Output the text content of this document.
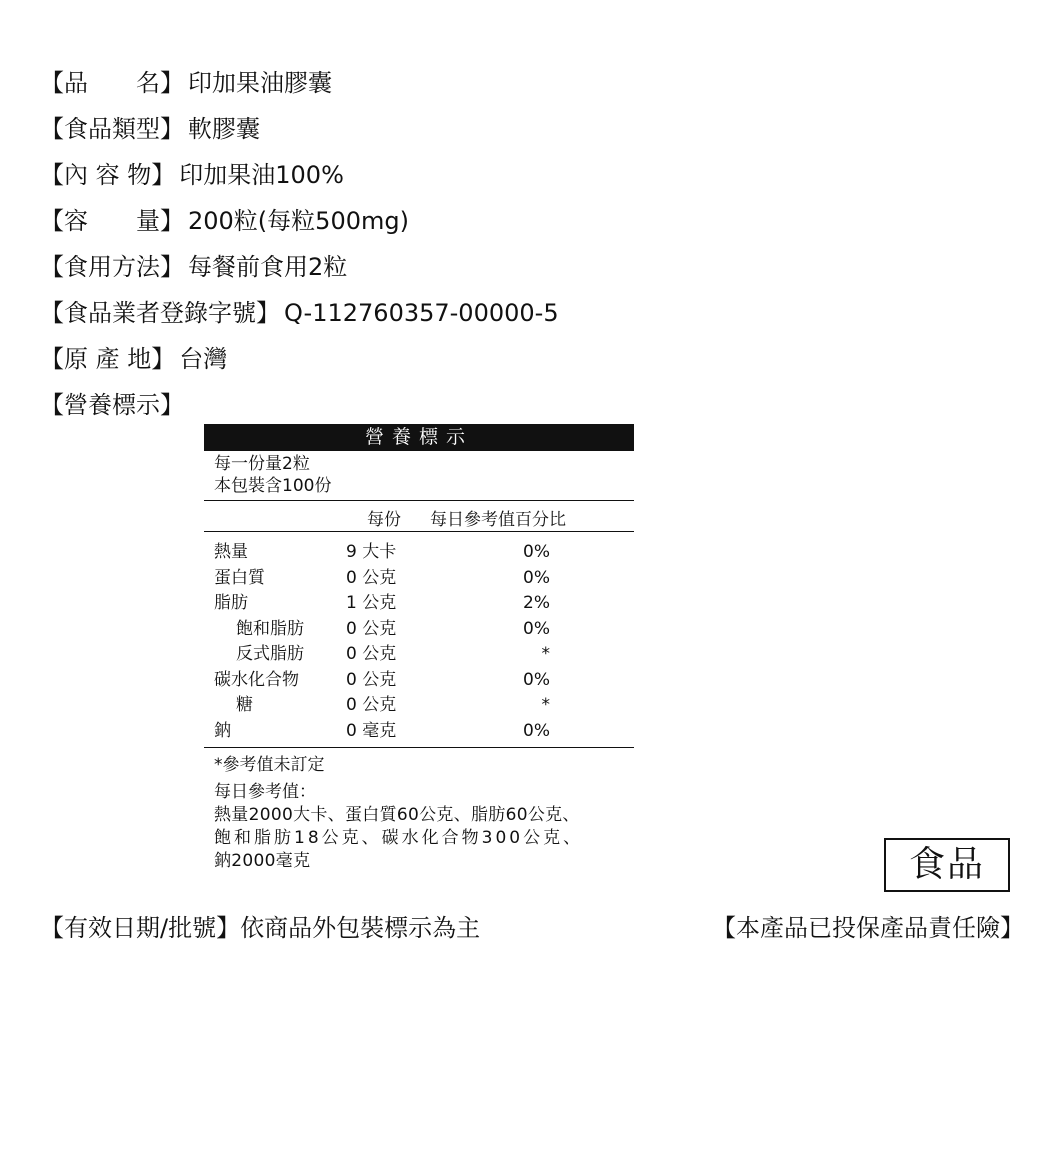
【品　　名】 印加果油膠囊
【食品類型】 軟膠囊
【內 容 物】 印加果油100%
【容　　量】 200粒(每粒500mg)
【食用方法】 每餐前食用2粒
【食品業者登錄字號】 Q-112760357-00000-5
【原 產 地】 台灣
【營養標示】
營養標示
每一份量2粒
本包裝含100份
每份 每日參考值百分比
熱量	9 大卡	0%
蛋白質	0 公克	0%
脂肪	1 公克	2%
飽和脂肪 0 公克	0%
反式脂肪 0 公克	*
碳水化合物	0 公克	0%
糖	0 公克	*
鈉	0 毫克	0%
*參考值未訂定
每日參考值：
熱量2000大卡、蛋白質60公克、脂肪60公克、
飽和脂肪18公克、碳水化合物300公克、
鈉2000毫克	食品
【有效日期/批號】依商品外包裝標示為主	【本產品已投保產品責任險】
